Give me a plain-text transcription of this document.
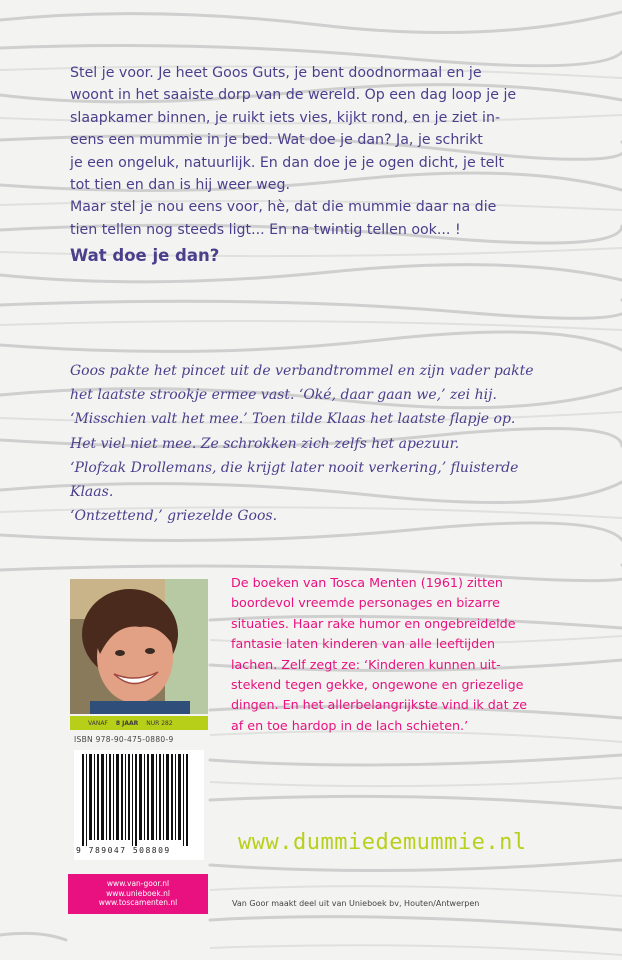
Stel je voor. Je heet Goos Guts, je bent doodnormaal en je

woont in het saaiste dorp van de wereld. Op een dag loop je je

slaapkamer binnen, je ruikt iets vies, kijkt rond, en je ziet in-

eens een mummie in je bed. Wat doe je dan? Ja, je schrikt

je een ongeluk, natuurlijk. En dan doe je je ogen dicht, je telt

tot tien en dan is hij weer weg.

Maar stel je nou eens voor, hè, dat die mummie daar na die

tien tellen nog steeds ligt... En na twintig tellen ook... !

Wat doe je dan?

Goos pakte het pincet uit de verbandtrommel en zijn vader pakte

het laatste strookje ermee vast. ‘Oké, daar gaan we,’ zei hij.

‘Misschien valt het mee.’ Toen tilde Klaas het laatste flapje op.

Het viel niet mee. Ze schrokken zich zelfs het apezuur.

‘Plofzak Drollemans, die krijgt later nooit verkering,’ fluisterde

Klaas.

‘Ontzettend,’ griezelde Goos.

VANAF 8 JAAR NUR 282
ISBN 978-90-475-0880-9
9 789047 508809
www.van-goor.nl
www.unieboek.nl
www.toscamenten.nl
De boeken van Tosca Menten (1961) zitten
boordevol vreemde personages en bizarre
situaties. Haar rake humor en ongebreidelde
fantasie laten kinderen van alle leeftijden
lachen. Zelf zegt ze: ‘Kinderen kunnen uit-
stekend tegen gekke, ongewone en griezelige
dingen. En het allerbelangrijkste vind ik dat ze
af en toe hardop in de lach schieten.’
www.dummiedemummie.nl
Van Goor maakt deel uit van Unieboek bv, Houten/Antwerpen
